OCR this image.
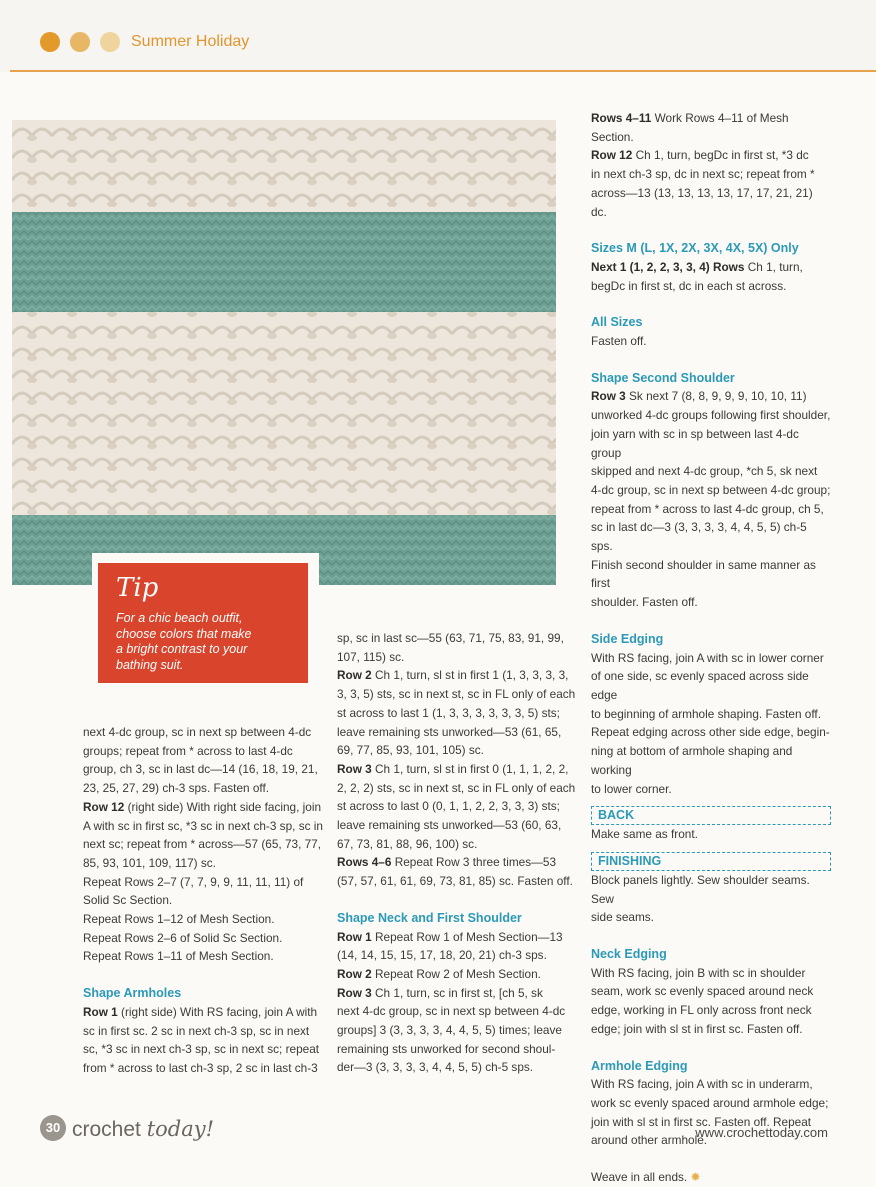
Summer Holiday
Tip
For a chic beach outfit,
choose colors that make
a bright contrast to your
bathing suit.

next 4-dc group, sc in next sp between 4-dc

groups; repeat from * across to last 4-dc

group, ch 3, sc in last dc—14 (16, 18, 19, 21,

23, 25, 27, 29) ch-3 sps. Fasten off.

Row 12 (right side) With right side facing, join

A with sc in first sc, *3 sc in next ch-3 sp, sc in

next sc; repeat from * across—57 (65, 73, 77,

85, 93, 101, 109, 117) sc.

Repeat Rows 2–7 (7, 7, 9, 9, 11, 11, 11) of

Solid Sc Section.

Repeat Rows 1–12 of Mesh Section.

Repeat Rows 2–6 of Solid Sc Section.

Repeat Rows 1–11 of Mesh Section.

Shape Armholes

Row 1 (right side) With RS facing, join A with

sc in first sc. 2 sc in next ch-3 sp, sc in next

sc, *3 sc in next ch-3 sp, sc in next sc; repeat

from * across to last ch-3 sp, 2 sc in last ch-3

sp, sc in last sc—55 (63, 71, 75, 83, 91, 99,

107, 115) sc.

Row 2 Ch 1, turn, sl st in first 1 (1, 3, 3, 3, 3,

3, 3, 5) sts, sc in next st, sc in FL only of each

st across to last 1 (1, 3, 3, 3, 3, 3, 3, 5) sts;

leave remaining sts unworked—53 (61, 65,

69, 77, 85, 93, 101, 105) sc.

Row 3 Ch 1, turn, sl st in first 0 (1, 1, 1, 2, 2,

2, 2, 2) sts, sc in next st, sc in FL only of each

st across to last 0 (0, 1, 1, 2, 2, 3, 3, 3) sts;

leave remaining sts unworked—53 (60, 63,

67, 73, 81, 88, 96, 100) sc.

Rows 4–6 Repeat Row 3 three times—53

(57, 57, 61, 61, 69, 73, 81, 85) sc. Fasten off.

Shape Neck and First Shoulder

Row 1 Repeat Row 1 of Mesh Section—13

(14, 14, 15, 15, 17, 18, 20, 21) ch-3 sps.

Row 2 Repeat Row 2 of Mesh Section.

Row 3 Ch 1, turn, sc in first st, [ch 5, sk

next 4-dc group, sc in next sp between 4-dc

groups] 3 (3, 3, 3, 3, 4, 4, 5, 5) times; leave

remaining sts unworked for second shoul-

der—3 (3, 3, 3, 3, 4, 4, 5, 5) ch-5 sps.

Rows 4–11 Work Rows 4–11 of Mesh Section.

Row 12 Ch 1, turn, begDc in first st, *3 dc

in next ch-3 sp, dc in next sc; repeat from *

across—13 (13, 13, 13, 13, 17, 17, 21, 21) dc.

Sizes M (L, 1X, 2X, 3X, 4X, 5X) Only

Next 1 (1, 2, 2, 3, 3, 4) Rows Ch 1, turn,

begDc in first st, dc in each st across.

All Sizes

Fasten off.

Shape Second Shoulder

Row 3 Sk next 7 (8, 8, 9, 9, 9, 10, 10, 11)

unworked 4-dc groups following first shoulder,

join yarn with sc in sp between last 4-dc group

skipped and next 4-dc group, *ch 5, sk next

4-dc group, sc in next sp between 4-dc group;

repeat from * across to last 4-dc group, ch 5,

sc in last dc—3 (3, 3, 3, 3, 4, 4, 5, 5) ch-5

sps.

Finish second shoulder in same manner as first

shoulder. Fasten off.

Side Edging

With RS facing, join A with sc in lower corner

of one side, sc evenly spaced across side edge

to beginning of armhole shaping. Fasten off.

Repeat edging across other side edge, begin-

ning at bottom of armhole shaping and working

to lower corner.

BACK

Make same as front.

FINISHING

Block panels lightly. Sew shoulder seams. Sew

side seams.

Neck Edging

With RS facing, join B with sc in shoulder

seam, work sc evenly spaced around neck

edge, working in FL only across front neck

edge; join with sl st in first sc. Fasten off.

Armhole Edging

With RS facing, join A with sc in underarm,

work sc evenly spaced around armhole edge;

join with sl st in first sc. Fasten off. Repeat

around other armhole.

Weave in all ends. ✹

30 crochet today!	www.crochettoday.com
